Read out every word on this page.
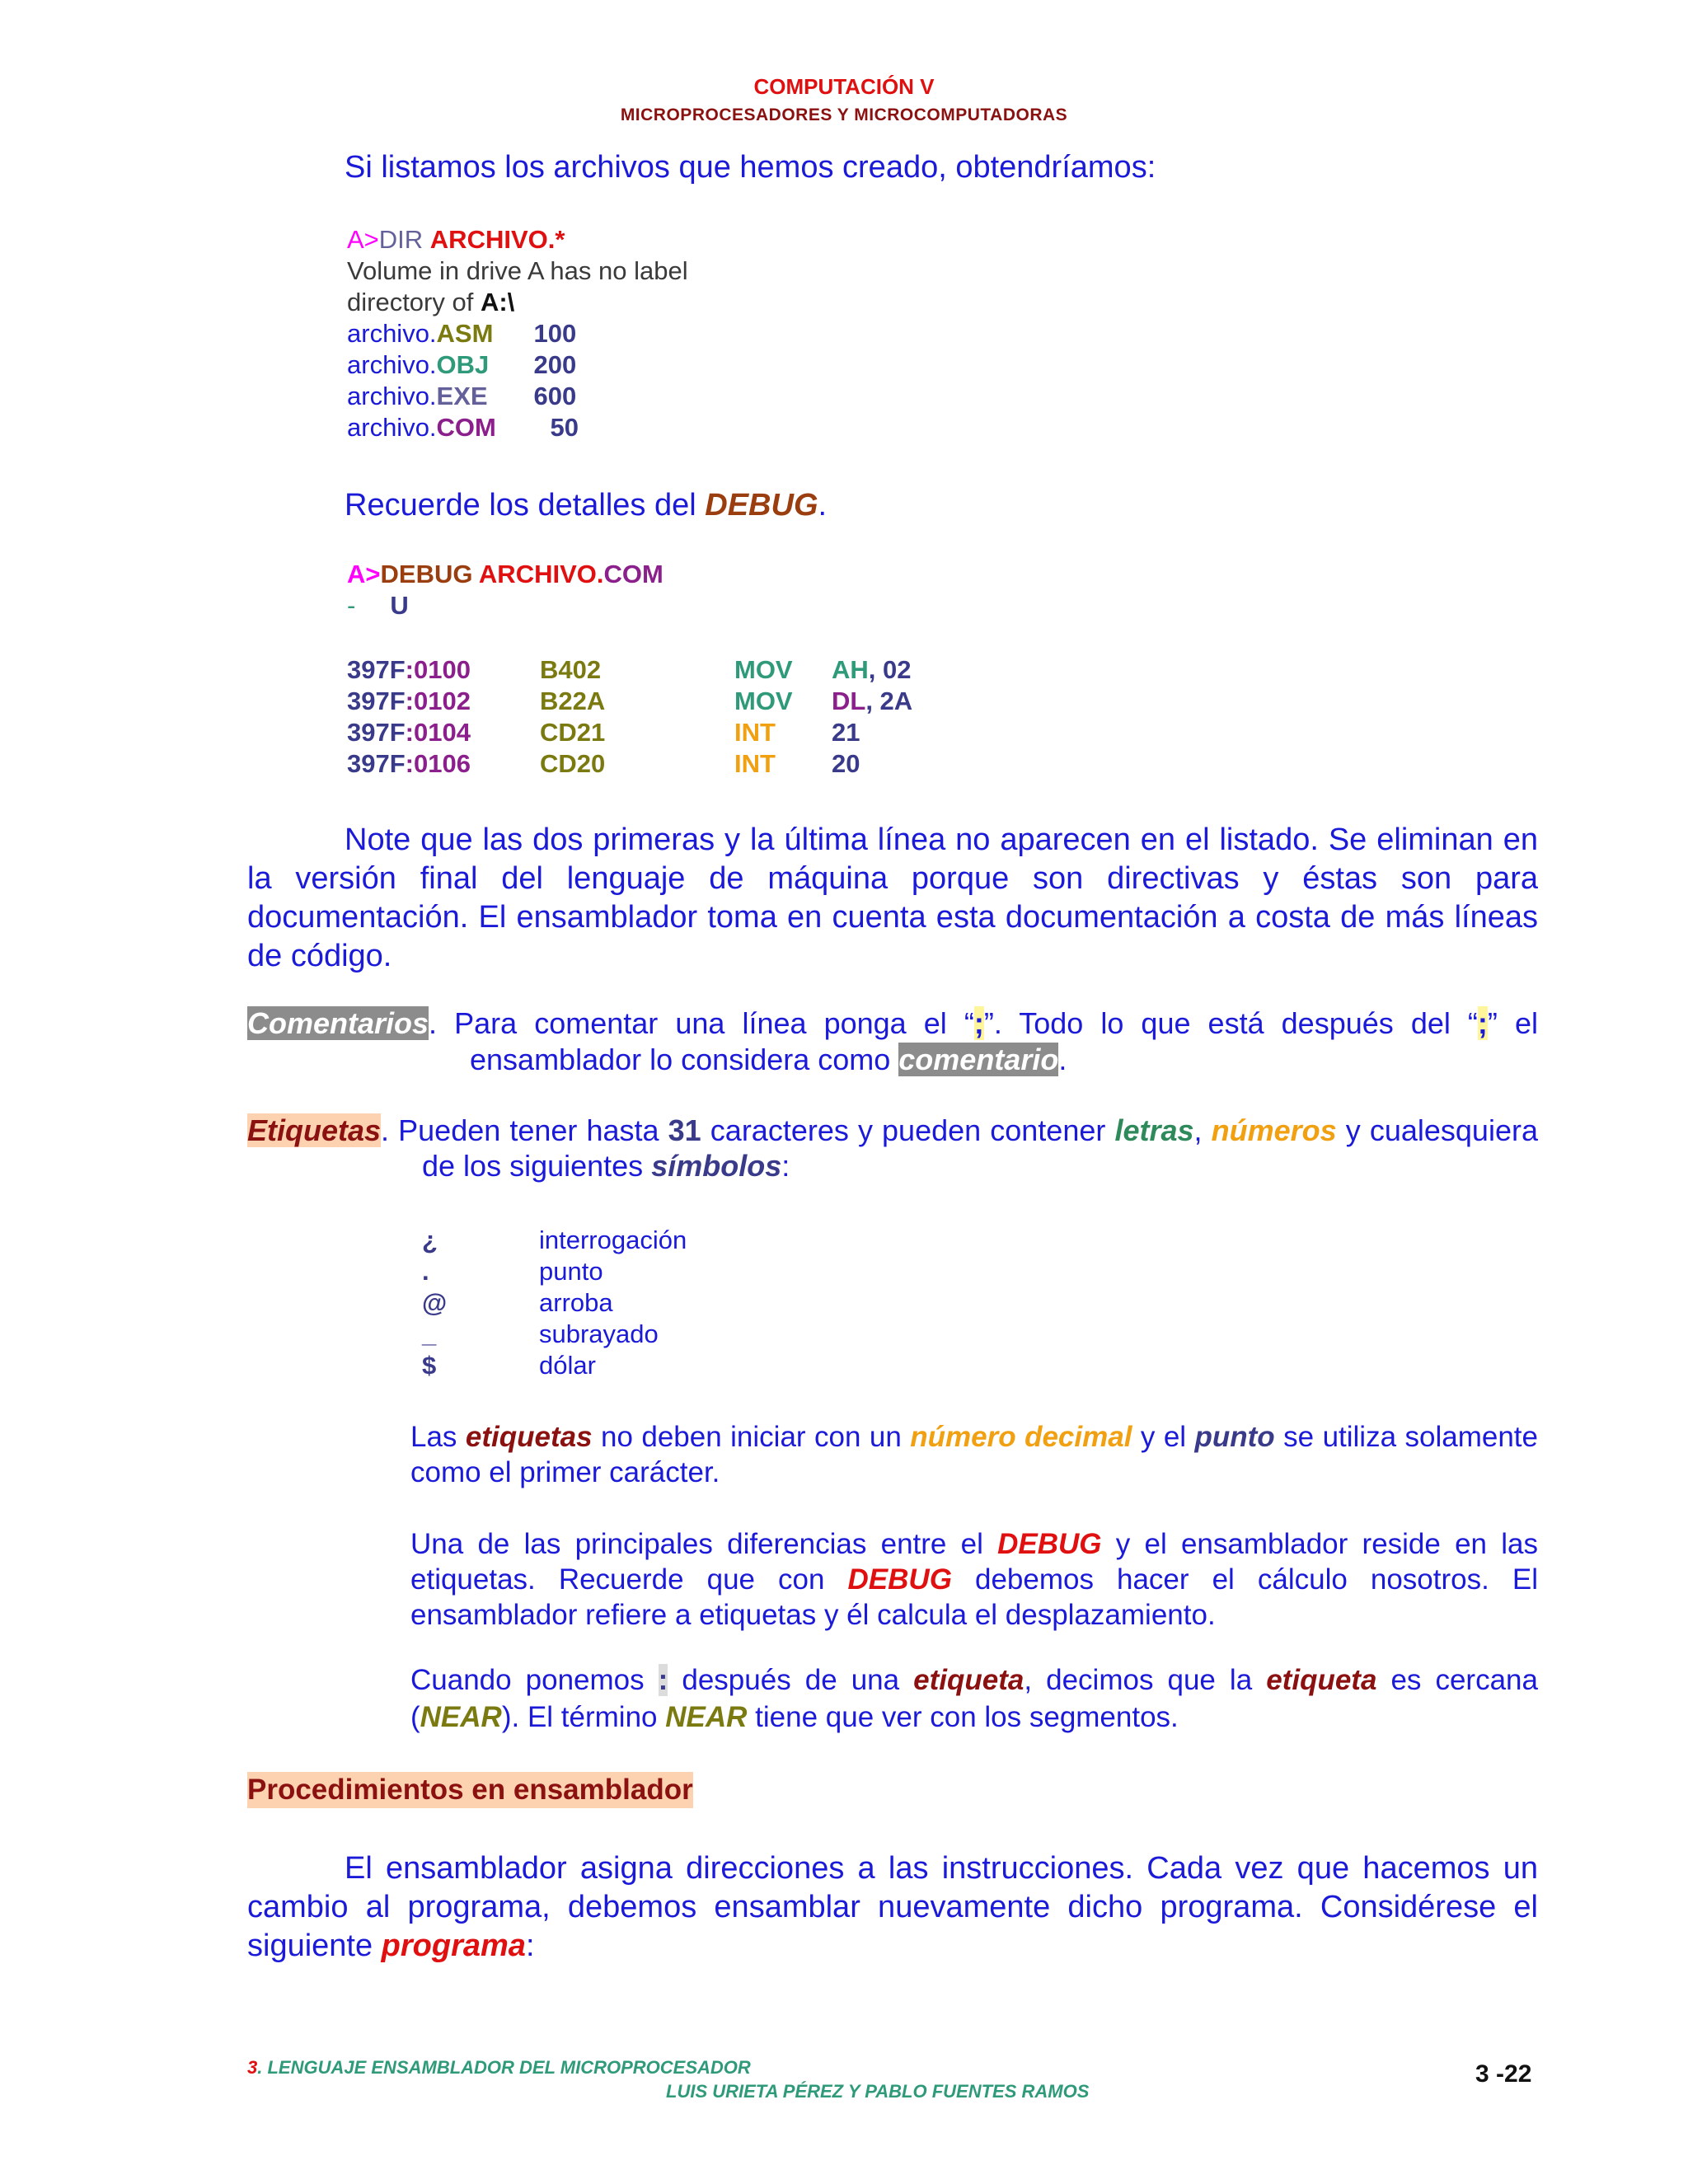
COMPUTACIÓN V
MICROPROCESADORES Y MICROCOMPUTADORAS
Si listamos los archivos que hemos creado, obtendríamos:
A>DIR ARCHIVO.*
Volume in drive A has no label
directory of A:\
archivo.	ASM	100
archivo.	OBJ	200
archivo.	EXE	600
archivo.	COM	50
Recuerde los detalles del DEBUG.
A>DEBUG ARCHIVO.COM
- U
397F:0100	B402	MOV	AH, 02
397F:0102	B22A	MOV	DL, 2A
397F:0104	CD21	INT	21
397F:0106	CD20	INT	20
Note que las dos primeras y la última línea no aparecen en el listado. Se eliminan en la versión final del lenguaje de máquina porque son directivas y éstas son para documentación. El ensamblador toma en cuenta esta documentación a costa de más líneas de código.
Comentarios. Para comentar una línea ponga el “;”. Todo lo que está después del “;” el ensamblador lo considera como comentario.
Etiquetas. Pueden tener hasta 31 caracteres y pueden contener letras, números y cualesquiera de los siguientes símbolos:
¿	interrogación
.	punto
@	arroba
_	subrayado
$	dólar
Las etiquetas no deben iniciar con un número decimal y el punto se utiliza solamente como el primer carácter.
Una de las principales diferencias entre el DEBUG y el ensamblador reside en las etiquetas. Recuerde que con DEBUG debemos hacer el cálculo nosotros. El ensamblador refiere a etiquetas y él calcula el desplazamiento.
Cuando ponemos : después de una etiqueta, decimos que la etiqueta es cercana (NEAR). El término NEAR tiene que ver con los segmentos.
Procedimientos en ensamblador
El ensamblador asigna direcciones a las instrucciones. Cada vez que hacemos un cambio al programa, debemos ensamblar nuevamente dicho programa. Considérese el siguiente programa:
3. LENGUAJE ENSAMBLADOR DEL MICROPROCESADOR
LUIS URIETA PÉREZ Y PABLO FUENTES RAMOS
3 -22
